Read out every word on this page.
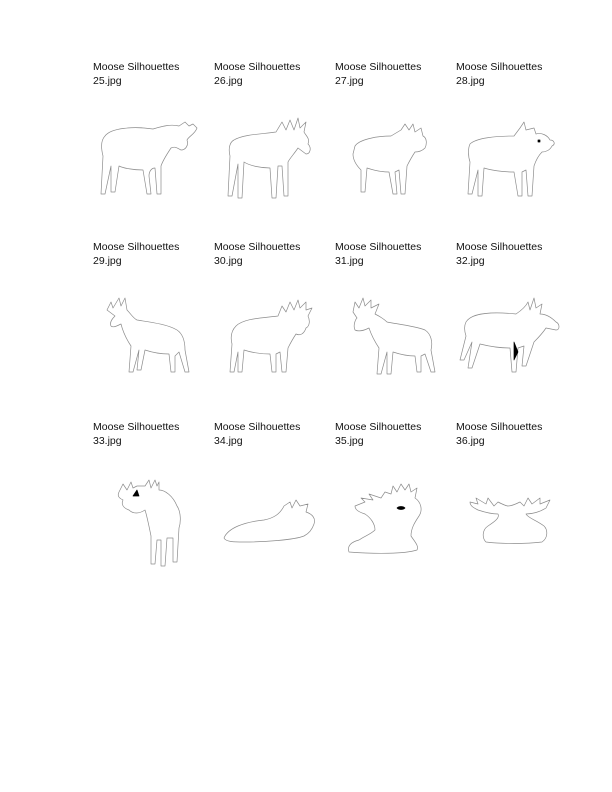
Moose Silhouettes
25.jpg

Moose Silhouettes
26.jpg

Moose Silhouettes
27.jpg

Moose Silhouettes
28.jpg

Moose Silhouettes
29.jpg

Moose Silhouettes
30.jpg

Moose Silhouettes
31.jpg

Moose Silhouettes
32.jpg

Moose Silhouettes
33.jpg

Moose Silhouettes
34.jpg

Moose Silhouettes
35.jpg

Moose Silhouettes
36.jpg
